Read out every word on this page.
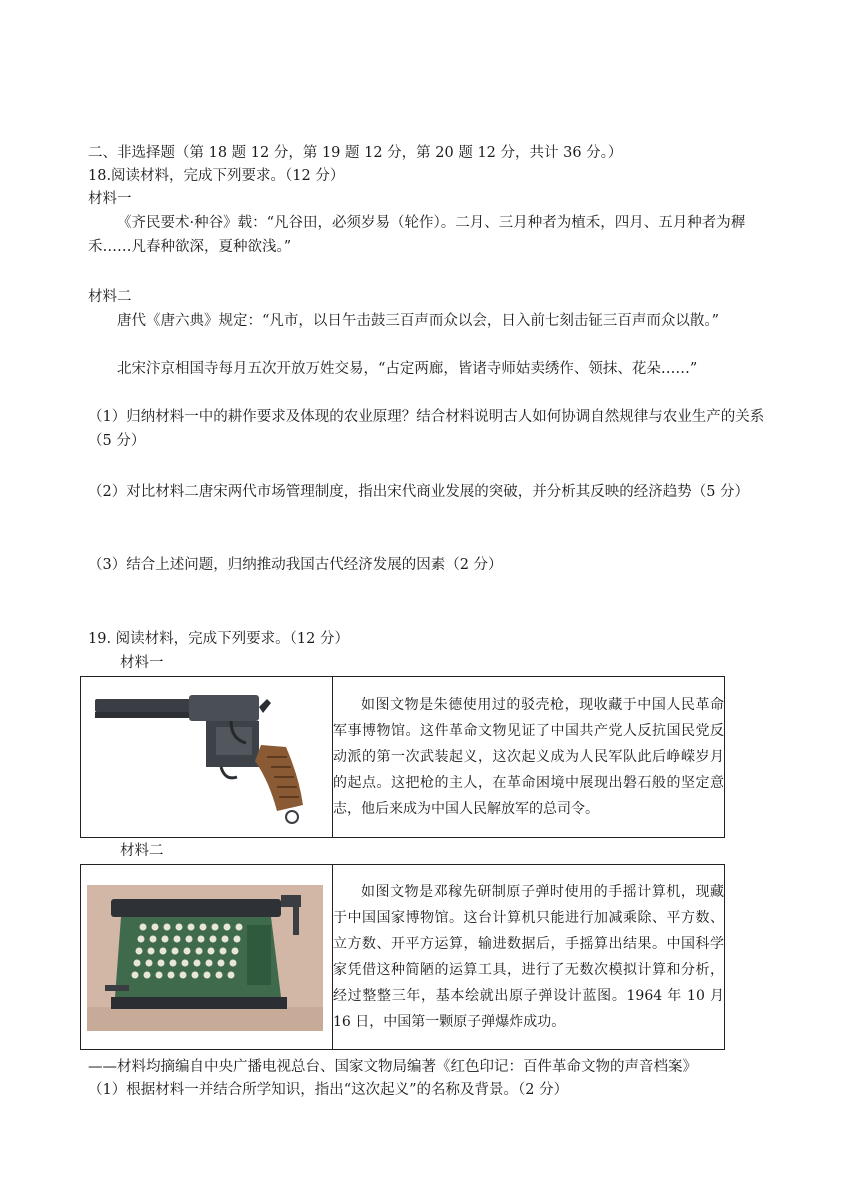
二、非选择题（第 18 题 12 分，第 19 题 12 分，第 20 题 12 分，共计 36 分。）
18.阅读材料，完成下列要求。（12 分）
材料一
《齐民要术·种谷》载：“凡谷田，必须岁易（轮作）。二月、三月种者为植禾，四月、五月种者为稺禾……凡春种欲深，夏种欲浅。”
材料二
唐代《唐六典》规定：“凡市，以日午击鼓三百声而众以会，日入前七刻击钲三百声而众以散。”
北宋汴京相国寺每月五次开放万姓交易，“占定两廊，皆诸寺师姑卖绣作、领抹、花朵……”
（1）归纳材料一中的耕作要求及体现的农业原理？结合材料说明古人如何协调自然规律与农业生产的关系（5 分）
（2）对比材料二唐宋两代市场管理制度，指出宋代商业发展的突破，并分析其反映的经济趋势（5 分）
（3）结合上述问题，归纳推动我国古代经济发展的因素（2 分）
19. 阅读材料，完成下列要求。（12 分）
材料一
	如图文物是朱德使用过的驳壳枪，现收藏于中国人民革命军事博物馆。这件革命文物见证了中国共产党人反抗国民党反动派的第一次武装起义，这次起义成为人民军队此后峥嵘岁月的起点。这把枪的主人，在革命困境中展现出磐石般的坚定意志，他后来成为中国人民解放军的总司令。
材料二
	如图文物是邓稼先研制原子弹时使用的手摇计算机，现藏于中国国家博物馆。这台计算机只能进行加减乘除、平方数、立方数、开平方运算，输进数据后，手摇算出结果。中国科学家凭借这种简陋的运算工具，进行了无数次模拟计算和分析，经过整整三年，基本绘就出原子弹设计蓝图。1964 年 10 月 16 日，中国第一颗原子弹爆炸成功。
——材料均摘编自中央广播电视总台、国家文物局编著《红色印记：百件革命文物的声音档案》
（1）根据材料一并结合所学知识，指出“这次起义”的名称及背景。（2 分）
